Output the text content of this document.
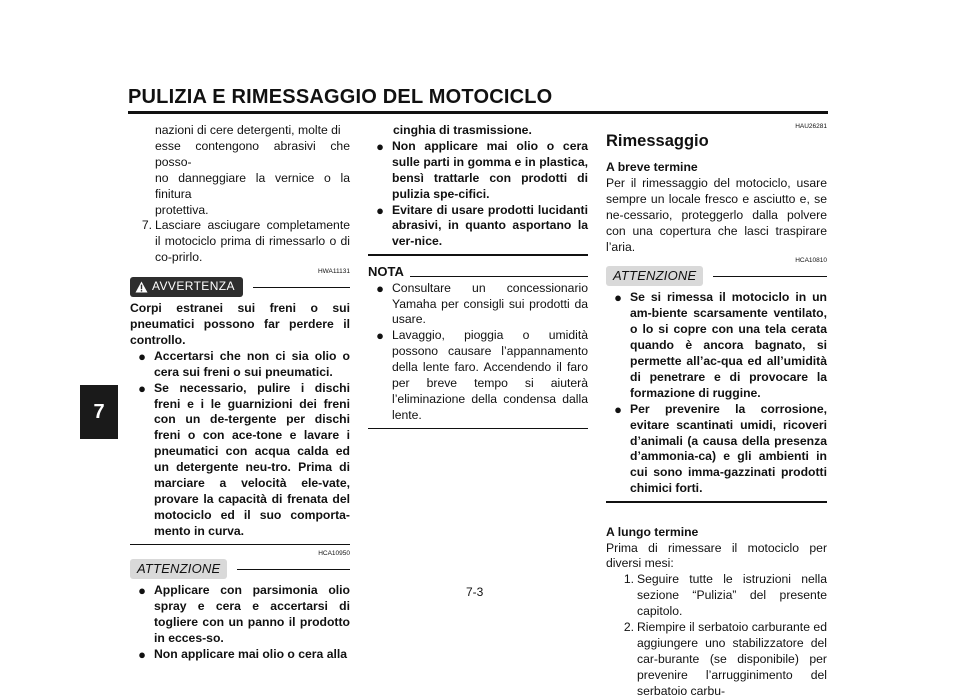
PULIZIA E RIMESSAGGIO DEL MOTOCICLO
7
7-3

nazioni di cere detergenti, molte di

esse contengono abrasivi che posso-

no danneggiare la vernice o la finitura

protettiva.

7. Lasciare asciugare completamente il motociclo prima di rimessarlo o di co-prirlo.
HWA11131
AVVERTENZA

Corpi estranei sui freni o sui pneumatici possono far perdere il controllo.

● Accertarsi che non ci sia olio o cera sui freni o sui pneumatici.
● Se necessario, pulire i dischi freni e i le guarnizioni dei freni con un de-tergente per dischi freni o con ace-tone e lavare i pneumatici con acqua calda ed un detergente neu-tro. Prima di marciare a velocità ele-vate, provare la capacità di frenata del motociclo ed il suo comporta-mento in curva.
HCA10950
ATTENZIONE
● Applicare con parsimonia olio spray e cera e accertarsi di togliere con un panno il prodotto in ecces-so.
● Non applicare mai olio o cera alla

cinghia di trasmissione.

● Non applicare mai olio o cera sulle parti in gomma e in plastica, bensì trattarle con prodotti di pulizia spe-cifici.
● Evitare di usare prodotti lucidanti abrasivi, in quanto asportano la ver-nice.
NOTA
● Consultare un concessionario Yamaha per consigli sui prodotti da usare.
● Lavaggio, pioggia o umidità possono causare l’appannamento della lente faro. Accendendo il faro per breve tempo si aiuterà l’eliminazione della condensa dalla lente.
HAU26281
Rimessaggio

A breve termine

Per il rimessaggio del motociclo, usare sempre un locale fresco e asciutto e, se ne-cessario, proteggerlo dalla polvere con una copertura che lasci traspirare l’aria.

HCA10810
ATTENZIONE
● Se si rimessa il motociclo in un am-biente scarsamente ventilato, o lo si copre con una tela cerata quando è ancora bagnato, si permette all’ac-qua ed all’umidità di penetrare e di provocare la formazione di ruggine.
● Per prevenire la corrosione, evitare scantinati umidi, ricoveri d’animali (a causa della presenza d’ammonia-ca) e gli ambienti in cui sono imma-gazzinati prodotti chimici forti.

A lungo termine

Prima di rimessare il motociclo per diversi mesi:

1. Seguire tutte le istruzioni nella sezione “Pulizia” del presente capitolo.
2. Riempire il serbatoio carburante ed aggiungere uno stabilizzatore del car-burante (se disponibile) per prevenire l’arrugginimento del serbatoio carbu-
